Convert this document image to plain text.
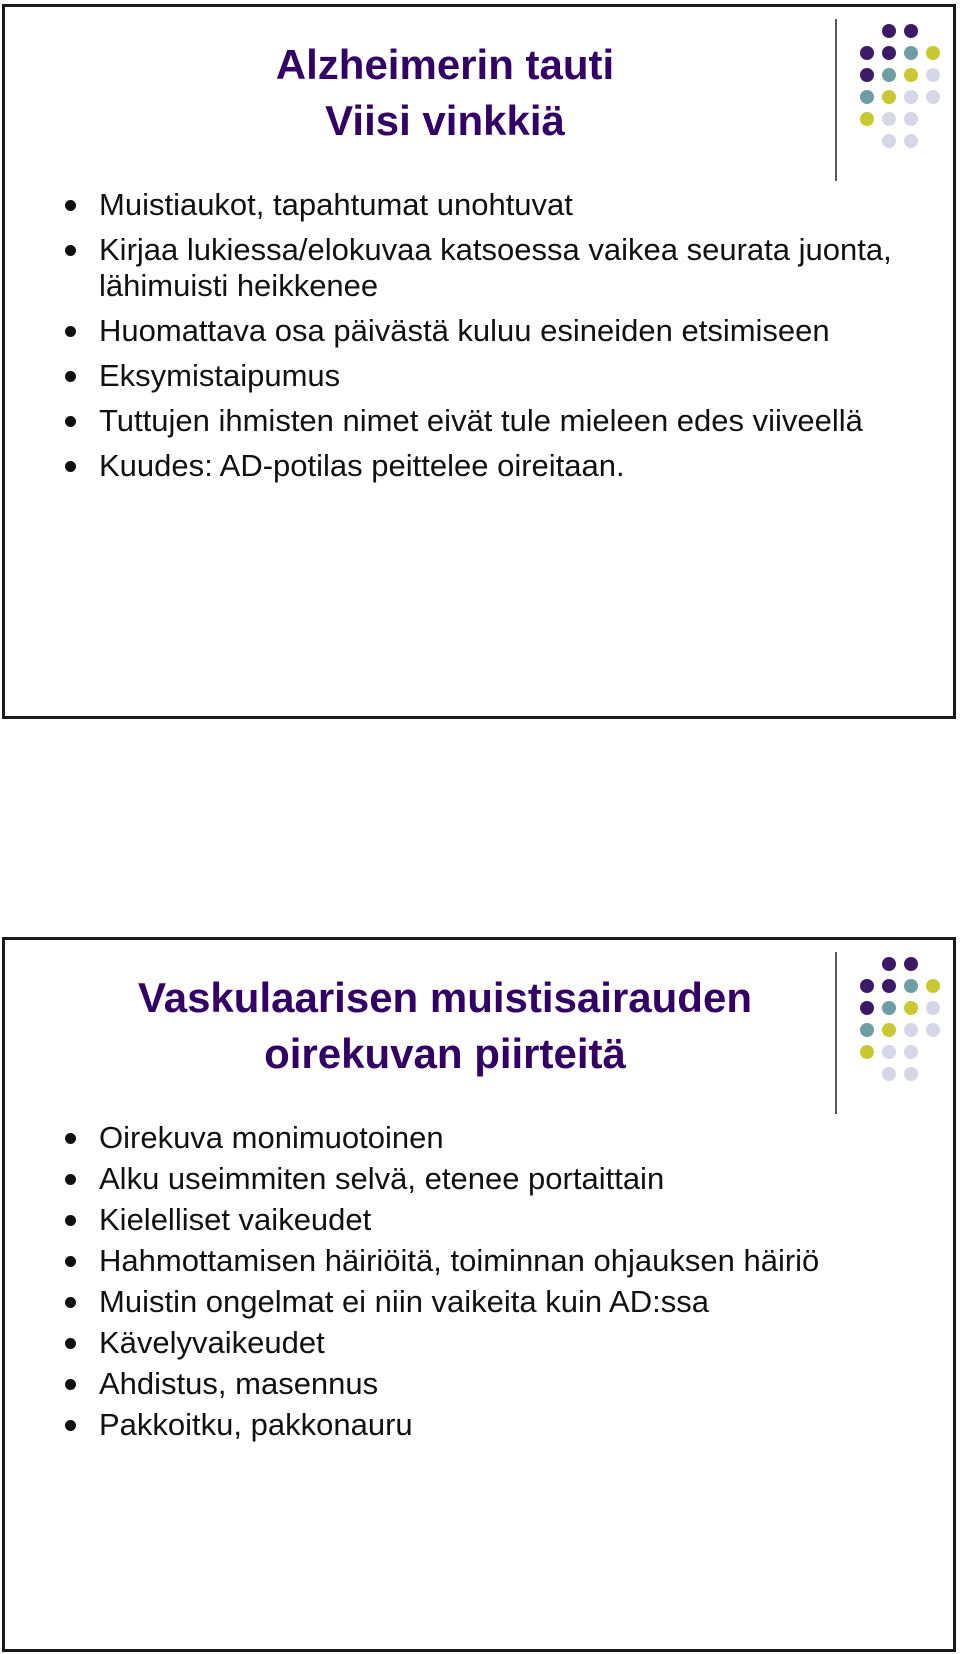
Alzheimerin tauti
Viisi vinkkiä
Muistiaukot, tapahtumat unohtuvat
Kirjaa lukiessa/elokuvaa katsoessa vaikea seurata juonta, lähimuisti heikkenee
Huomattava osa päivästä kuluu esineiden etsimiseen
Eksymistaipumus
Tuttujen ihmisten nimet eivät tule mieleen edes viiveellä
Kuudes: AD-potilas peittelee oireitaan.
Vaskulaarisen muistisairauden
oirekuvan piirteitä
Oirekuva monimuotoinen
Alku useimmiten selvä, etenee portaittain
Kielelliset vaikeudet
Hahmottamisen häiriöitä, toiminnan ohjauksen häiriö
Muistin ongelmat ei niin vaikeita kuin AD:ssa
Kävelyvaikeudet
Ahdistus, masennus
Pakkoitku, pakkonauru
